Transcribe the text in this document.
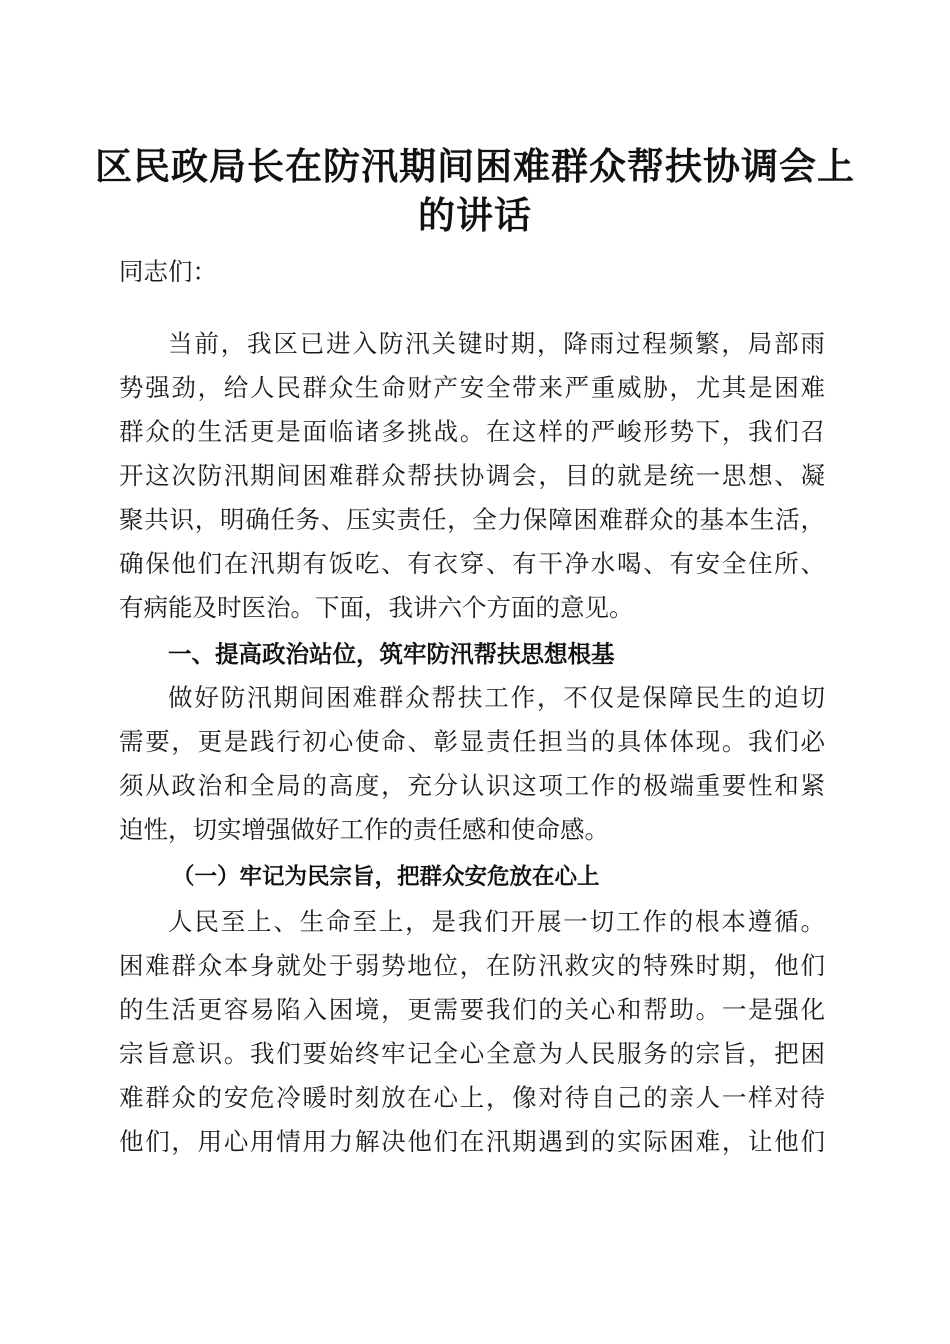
区民政局长在防汛期间困难群众帮扶协调会上
的讲话
同志们：
当前，我区已进入防汛关键时期，降雨过程频繁，局部雨
势强劲，给人民群众生命财产安全带来严重威胁，尤其是困难
群众的生活更是面临诸多挑战。在这样的严峻形势下，我们召
开这次防汛期间困难群众帮扶协调会，目的就是统一思想、凝
聚共识，明确任务、压实责任，全力保障困难群众的基本生活，
确保他们在汛期有饭吃、有衣穿、有干净水喝、有安全住所、
有病能及时医治。下面，我讲六个方面的意见。
一、提高政治站位，筑牢防汛帮扶思想根基
做好防汛期间困难群众帮扶工作，不仅是保障民生的迫切
需要，更是践行初心使命、彰显责任担当的具体体现。我们必
须从政治和全局的高度，充分认识这项工作的极端重要性和紧
迫性，切实增强做好工作的责任感和使命感。
（一）牢记为民宗旨，把群众安危放在心上
人民至上、生命至上，是我们开展一切工作的根本遵循。
困难群众本身就处于弱势地位，在防汛救灾的特殊时期，他们
的生活更容易陷入困境，更需要我们的关心和帮助。一是强化
宗旨意识。我们要始终牢记全心全意为人民服务的宗旨，把困
难群众的安危冷暖时刻放在心上，像对待自己的亲人一样对待
他们，用心用情用力解决他们在汛期遇到的实际困难，让他们
